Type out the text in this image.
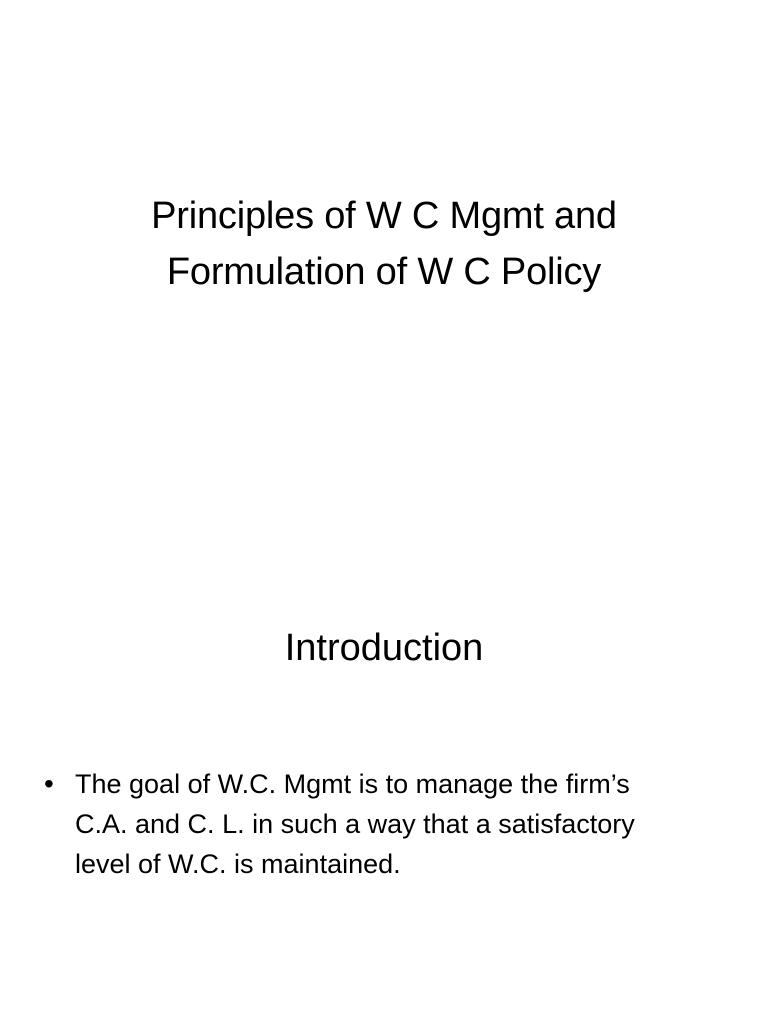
Principles of W C Mgmt and
Formulation of W C Policy
Introduction
• The goal of W.C. Mgmt is to manage the firm’s
C.A. and C. L. in such a way that a satisfactory
level of W.C. is maintained.
